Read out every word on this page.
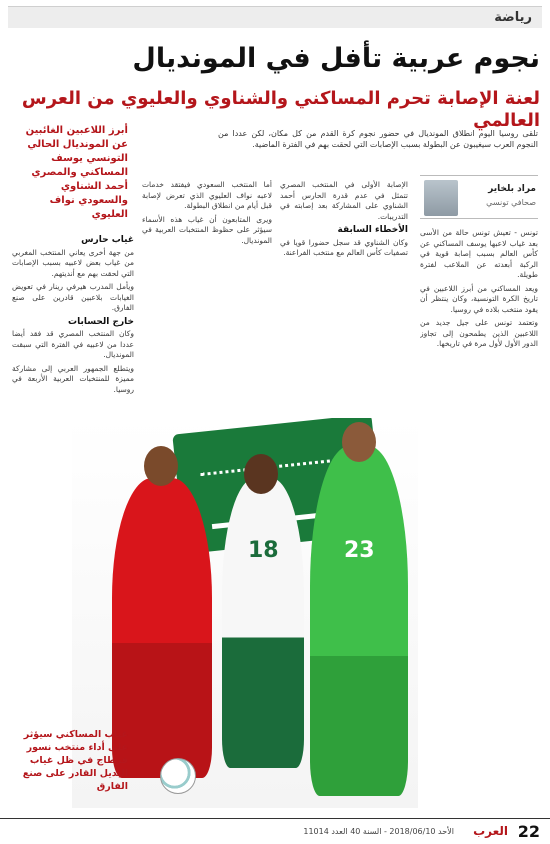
رياضة
نجوم عربية تأفل في المونديال
لعنة الإصابة تحرم المساكني والشناوي والعليوي من العرس العالمي
تلقى روسيا اليوم انطلاق المونديال في حضور نجوم كرة القدم من كل مكان، لكن عددا من النجوم العرب سيغيبون عن البطولة بسبب الإصابات التي لحقت بهم في الفترة الماضية.
مراد بلخاير
صحافي تونسي

تونس - تعيش تونس حالة من الأسى بعد غياب لاعبها يوسف المساكني عن كأس العالم بسبب إصابة قوية في الركبة أبعدته عن الملاعب لفترة طويلة.

ويعد المساكني من أبرز اللاعبين في تاريخ الكرة التونسية، وكان ينتظر أن يقود منتخب بلاده في روسيا.

وتعتمد تونس على جيل جديد من اللاعبين الذين يطمحون إلى تجاوز الدور الأول لأول مرة في تاريخها.

الإصابة الأولى في المنتخب المصري تتمثل في عدم قدرة الحارس أحمد الشناوي على المشاركة بعد إصابته في التدريبات.

الأخطاء السابقة

وكان الشناوي قد سجل حضورا قويا في تصفيات كأس العالم مع منتخب الفراعنة.

أما المنتخب السعودي فيفتقد خدمات لاعبه نواف العليوي الذي تعرض لإصابة قبل أيام من انطلاق البطولة.

ويرى المتابعون أن غياب هذه الأسماء سيؤثر على حظوظ المنتخبات العربية في المونديال.

أبرز اللاعبين الغائبين عن المونديال الحالي التونسي يوسف المساكني والمصري أحمد الشناوي والسعودي نواف العليوي
غياب حارس

من جهة أخرى يعاني المنتخب المغربي من غياب بعض لاعبيه بسبب الإصابات التي لحقت بهم مع أنديتهم.

ويأمل المدرب هيرفي رينار في تعويض الغيابات بلاعبين قادرين على صنع الفارق.

خارج الحسابات

وكان المنتخب المصري قد فقد أيضا عددا من لاعبيه في الفترة التي سبقت المونديال.

ويتطلع الجمهور العربي إلى مشاركة مميزة للمنتخبات العربية الأربعة في روسيا.

18	23
غياب المساكني سيؤثر على أداء منتخب نسور قرطاج في ظل غياب البديل القادر على صنع الفارق
22
العرب
الأحد 2018/06/10 - السنة 40 العدد 11014
